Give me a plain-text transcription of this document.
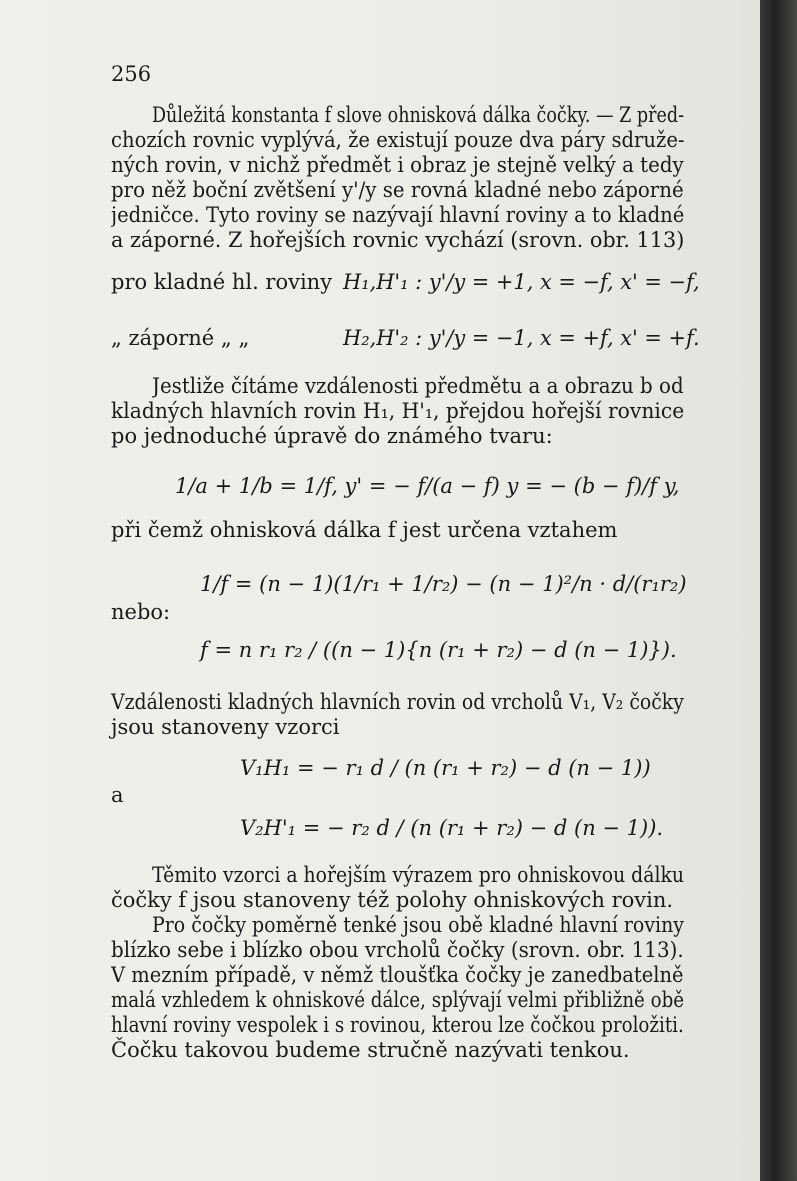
256
Důležitá konstanta f slove ohnisková dálka čočky. — Z před-
chozích rovnic vyplývá, že existují pouze dva páry sdruže-
ných rovin, v nichž předmět i obraz je stejně velký a tedy
pro něž boční zvětšení y'/y se rovná kladné nebo záporné
jedničce. Tyto roviny se nazývají hlavní roviny a to kladné
a záporné. Z hořejších rovnic vychází (srovn. obr. 113)
pro kladné hl. roviny H₁,H'₁ : y'/y = +1, x = −f, x' = −f,
„ záporné „ „	H₂,H'₂ : y'/y = −1, x = +f, x' = +f.
Jestliže čítáme vzdálenosti předmětu a a obrazu b od
kladných hlavních rovin H₁, H'₁, přejdou hořejší rovnice
po jednoduché úpravě do známého tvaru:
1/a + 1/b = 1/f, y' = − f/(a − f) y = − (b − f)/f y,
při čemž ohnisková dálka f jest určena vztahem
1/f = (n − 1)(1/r₁ + 1/r₂) − (n − 1)²/n · d/(r₁r₂)
nebo:
f = n r₁ r₂ / ((n − 1){n (r₁ + r₂) − d (n − 1)}).
Vzdálenosti kladných hlavních rovin od vrcholů V₁, V₂ čočky
jsou stanoveny vzorci
V₁H₁ = − r₁ d / (n (r₁ + r₂) − d (n − 1))
a
V₂H'₁ = − r₂ d / (n (r₁ + r₂) − d (n − 1)).
Těmito vzorci a hořejším výrazem pro ohniskovou dálku
čočky f jsou stanoveny též polohy ohniskových rovin.
Pro čočky poměrně tenké jsou obě kladné hlavní roviny
blízko sebe i blízko obou vrcholů čočky (srovn. obr. 113).
V mezním případě, v němž tloušťka čočky je zanedbatelně
malá vzhledem k ohniskové dálce, splývají velmi přibližně obě
hlavní roviny vespolek i s rovinou, kterou lze čočkou proložiti.
Čočku takovou budeme stručně nazývati tenkou.
